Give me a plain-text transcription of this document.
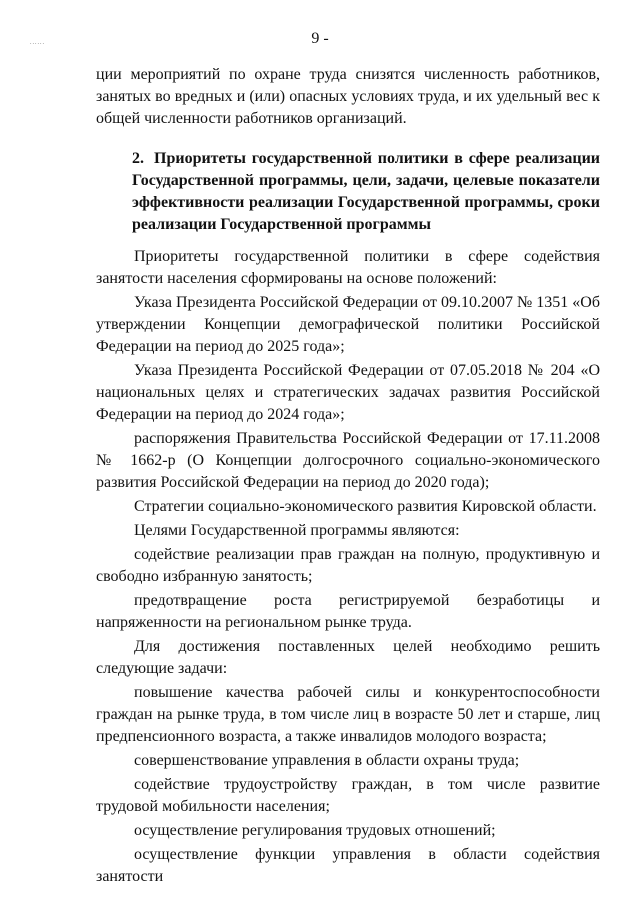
......	9 -

ции мероприятий по охране труда снизятся численность работников, занятых во вредных и (или) опасных условиях труда, и их удельный вес к общей численности работников организаций.

2. Приоритеты государственной политики в сфере реализации Государственной программы, цели, задачи, целевые показатели эффективности реализации Государственной программы, сроки реализации Государственной программы

Приоритеты государственной политики в сфере содействия занятости населения сформированы на основе положений:

Указа Президента Российской Федерации от 09.10.2007 № 1351 «Об утверждении Концепции демографической политики Российской Федерации на период до 2025 года»;

Указа Президента Российской Федерации от 07.05.2018 № 204 «О национальных целях и стратегических задачах развития Российской Федерации на период до 2024 года»;

распоряжения Правительства Российской Федерации от 17.11.2008 № 1662-р (О Концепции долгосрочного социально-экономического развития Российской Федерации на период до 2020 года);

Стратегии социально-экономического развития Кировской области.

Целями Государственной программы являются:

содействие реализации прав граждан на полную, продуктивную и свободно избранную занятость;

предотвращение роста регистрируемой безработицы и напряженности на региональном рынке труда.

Для достижения поставленных целей необходимо решить следующие задачи:

повышение качества рабочей силы и конкурентоспособности граждан на рынке труда, в том числе лиц в возрасте 50 лет и старше, лиц предпенсионного возраста, а также инвалидов молодого возраста;

совершенствование управления в области охраны труда;

содействие трудоустройству граждан, в том числе развитие трудовой мобильности населения;

осуществление регулирования трудовых отношений;

осуществление функции управления в области содействия занятости
